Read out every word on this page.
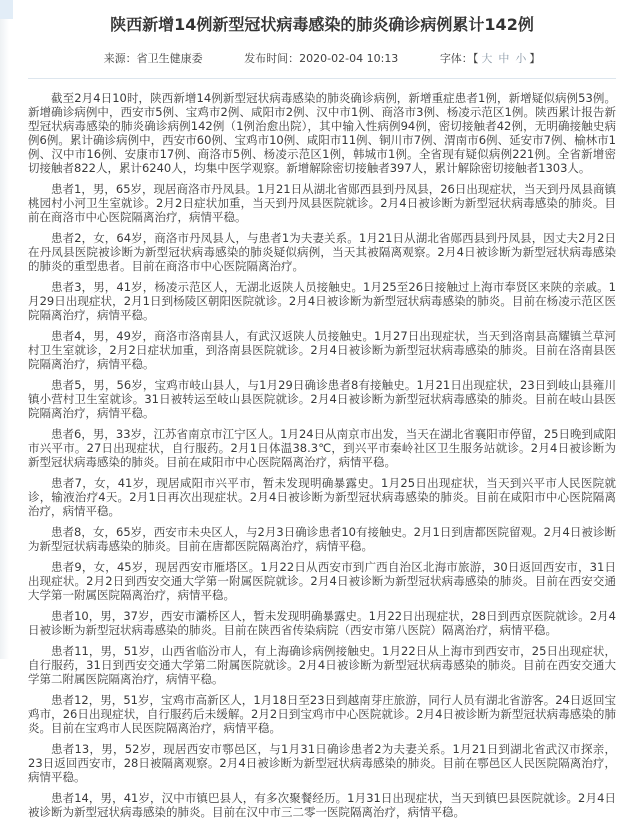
陕西新增14例新型冠状病毒感染的肺炎确诊病例累计142例
来源：省卫生健康委	发布时间：2020-02-04 10:13	字体：【 大 中 小 】

截至2月4日10时，陕西新增14例新型冠状病毒感染的肺炎确诊病例，新增重症患者1例，新增疑似病例53例。新增确诊病例中，西安市5例、宝鸡市2例、咸阳市2例、汉中市1例、商洛市3例、杨凌示范区1例。陕西累计报告新型冠状病毒感染的肺炎确诊病例142例（1例治愈出院），其中输入性病例94例，密切接触者42例，无明确接触史病例6例。累计确诊病例中，西安市60例、宝鸡市10例、咸阳市11例、铜川市7例、渭南市6例、延安市7例、榆林市1例、汉中市16例、安康市17例、商洛市5例、杨凌示范区1例，韩城市1例。全省现有疑似病例221例。全省新增密切接触者822人，累计6240人，均集中医学观察。新增解除密切接触者397人，累计解除密切接触者1303人。

患者1，男，65岁，现居商洛市丹凤县。1月21日从湖北省郧西县到丹凤县，26日出现症状，当天到丹凤县商镇桃园村小河卫生室就诊。2月2日症状加重，当天到丹凤县医院就诊。2月4日被诊断为新型冠状病毒感染的肺炎。目前在商洛市中心医院隔离治疗，病情平稳。

患者2，女，64岁，商洛市丹凤县人，与患者1为夫妻关系。1月21日从湖北省郧西县到丹凤县，因丈夫2月2日在丹凤县医院被诊断为新型冠状病毒感染的肺炎疑似病例，当天其被隔离观察。2月4日被诊断为新型冠状病毒感染的肺炎的重型患者。目前在商洛市中心医院隔离治疗。

患者3，男，41岁，杨凌示范区人，无湖北返陕人员接触史。1月25至26日接触过上海市奉贤区来陕的亲戚。1月29日出现症状，2月1日到杨陵区朝阳医院就诊。2月4日被诊断为新型冠状病毒感染的肺炎。目前在杨凌示范区医院隔离治疗，病情平稳。

患者4，男，49岁，商洛市洛南县人，有武汉返陕人员接触史。1月27日出现症状，当天到洛南县高耀镇兰草河村卫生室就诊，2月2日症状加重，到洛南县医院就诊。2月4日被诊断为新型冠状病毒感染的肺炎。目前在洛南县医院隔离治疗，病情平稳。

患者5，男，56岁，宝鸡市岐山县人，与1月29日确诊患者8有接触史。1月21日出现症状，23日到岐山县雍川镇小营村卫生室就诊。31日被转运至岐山县医院就诊。2月4日被诊断为新型冠状病毒感染的肺炎。目前在岐山县医院隔离治疗，病情平稳。

患者6，男，33岁，江苏省南京市江宁区人。1月24日从南京市出发，当天在湖北省襄阳市停留，25日晚到咸阳市兴平市。27日出现症状，自行服药。2月1日体温38.3℃，到兴平市秦岭社区卫生服务站就诊。2月4日被诊断为新型冠状病毒感染的肺炎。目前在咸阳市中心医院隔离治疗，病情平稳。

患者7，女，41岁，现居咸阳市兴平市，暂未发现明确暴露史。1月25日出现症状，当天到兴平市人民医院就诊，输液治疗4天。2月1日再次出现症状。2月4日被诊断为新型冠状病毒感染的肺炎。目前在咸阳市中心医院隔离治疗，病情平稳。

患者8，女，65岁，西安市未央区人，与2月3日确诊患者10有接触史。2月1日到唐都医院留观。2月4日被诊断为新型冠状病毒感染的肺炎。目前在唐都医院隔离治疗，病情平稳。

患者9，女，45岁，现居西安市雁塔区。1月22日从西安市到广西自治区北海市旅游，30日返回西安市，31日出现症状。2月2日到西安交通大学第一附属医院就诊。2月4日被诊断为新型冠状病毒感染的肺炎。目前在西安交通大学第一附属医院隔离治疗，病情平稳。

患者10，男，37岁，西安市灞桥区人，暂未发现明确暴露史。1月22日出现症状，28日到西京医院就诊。2月4日被诊断为新型冠状病毒感染的肺炎。目前在陕西省传染病院（西安市第八医院）隔离治疗，病情平稳。

患者11，男，51岁，山西省临汾市人，有上海确诊病例接触史。1月22日从上海市到西安市，25日出现症状，自行服药，31日到西安交通大学第二附属医院就诊。2月4日被诊断为新型冠状病毒感染的肺炎。目前在西安交通大学第二附属医院隔离治疗，病情平稳。

患者12，男，51岁，宝鸡市高新区人，1月18日至23日到越南芽庄旅游，同行人员有湖北省游客。24日返回宝鸡市，26日出现症状，自行服药后未缓解。2月2日到宝鸡市中心医院就诊。2月4日被诊断为新型冠状病毒感染的肺炎。目前在宝鸡市人民医院隔离治疗，病情平稳。

患者13，男，52岁，现居西安市鄠邑区，与1月31日确诊患者2为夫妻关系。1月21日到湖北省武汉市探亲，23日返回西安市，28日被隔离观察。2月4日被诊断为新型冠状病毒感染的肺炎。目前在鄠邑区人民医院隔离治疗，病情平稳。

患者14，男，41岁，汉中市镇巴县人，有多次聚餐经历。1月31日出现症状，当天到镇巴县医院就诊。2月4日被诊断为新型冠状病毒感染的肺炎。目前在汉中市三二零一医院隔离治疗，病情平稳。
